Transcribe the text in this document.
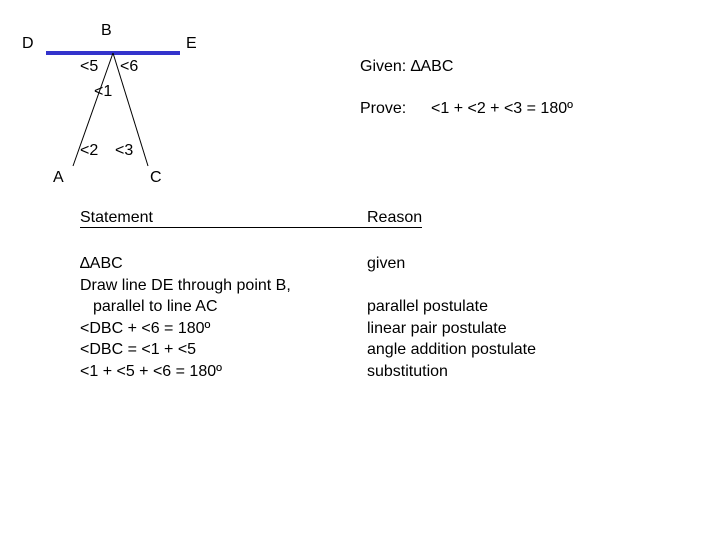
D
B
E
A	C
<5 <6
<1
<2 <3
Given: ∆ABC
Prove: <1 + <2 + <3 = 180º
Statement	Reason
∆ABC
Draw line DE through point B,
parallel to line AC
<DBC + <6 = 180º
<DBC = <1 + <5
<1 + <5 + <6 = 180º
given
parallel postulate
linear pair postulate
angle addition postulate
substitution
